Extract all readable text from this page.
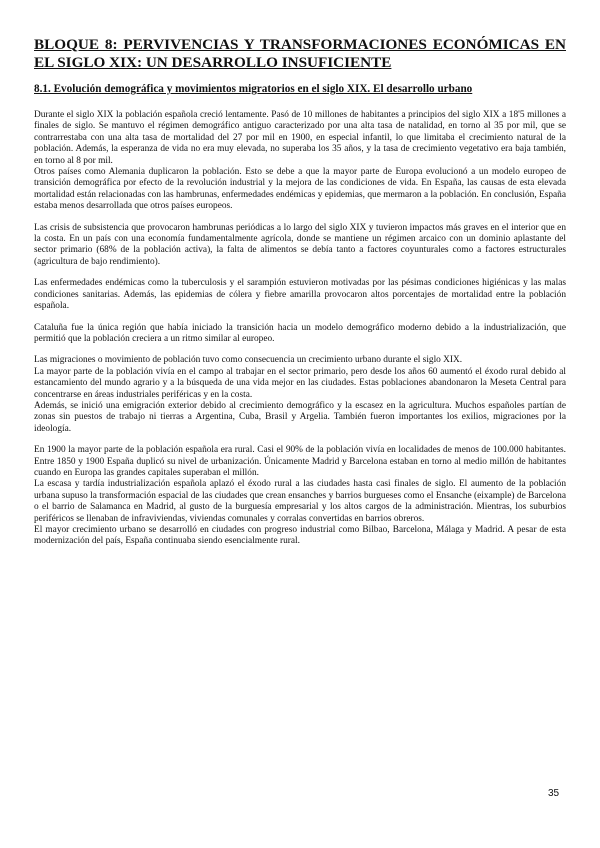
BLOQUE 8: PERVIVENCIAS Y TRANSFORMACIONES ECONÓMICAS EN EL SIGLO XIX: UN DESARROLLO INSUFICIENTE
8.1. Evolución demográfica y movimientos migratorios en el siglo XIX. El desarrollo urbano

Durante el siglo XIX la población española creció lentamente. Pasó de 10 millones de habitantes a principios del siglo XIX a 18'5 millones a finales de siglo. Se mantuvo el régimen demográfico antiguo caracterizado por una alta tasa de natalidad, en torno al 35 por mil, que se contrarrestaba con una alta tasa de mortalidad del 27 por mil en 1900, en especial infantil, lo que limitaba el crecimiento natural de la población. Además, la esperanza de vida no era muy elevada, no superaba los 35 años, y la tasa de crecimiento vegetativo era baja también, en torno al 8 por mil.

Otros países como Alemania duplicaron la población. Esto se debe a que la mayor parte de Europa evolucionó a un modelo europeo de transición demográfica por efecto de la revolución industrial y la mejora de las condiciones de vida. En España, las causas de esta elevada mortalidad están relacionadas con las hambrunas, enfermedades endémicas y epidemias, que mermaron a la población. En conclusión, España estaba menos desarrollada que otros países europeos.

Las crisis de subsistencia que provocaron hambrunas periódicas a lo largo del siglo XIX y tuvieron impactos más graves en el interior que en la costa. En un país con una economía fundamentalmente agrícola, donde se mantiene un régimen arcaico con un dominio aplastante del sector primario (68% de la población activa), la falta de alimentos se debía tanto a factores coyunturales como a factores estructurales (agricultura de bajo rendimiento).

Las enfermedades endémicas como la tuberculosis y el sarampión estuvieron motivadas por las pésimas condiciones higiénicas y las malas condiciones sanitarias. Además, las epidemias de cólera y fiebre amarilla provocaron altos porcentajes de mortalidad entre la población española.

Cataluña fue la única región que había iniciado la transición hacia un modelo demográfico moderno debido a la industrialización, que permitió que la población creciera a un ritmo similar al europeo.

Las migraciones o movimiento de población tuvo como consecuencia un crecimiento urbano durante el siglo XIX.

La mayor parte de la población vivía en el campo al trabajar en el sector primario, pero desde los años 60 aumentó el éxodo rural debido al estancamiento del mundo agrario y a la búsqueda de una vida mejor en las ciudades. Estas poblaciones abandonaron la Meseta Central para concentrarse en áreas industriales periféricas y en la costa.

Además, se inició una emigración exterior debido al crecimiento demográfico y la escasez en la agricultura. Muchos españoles partían de zonas sin puestos de trabajo ni tierras a Argentina, Cuba, Brasil y Argelia. También fueron importantes los exilios, migraciones por la ideología.

En 1900 la mayor parte de la población española era rural. Casi el 90% de la población vivía en localidades de menos de 100.000 habitantes. Entre 1850 y 1900 España duplicó su nivel de urbanización. Únicamente Madrid y Barcelona estaban en torno al medio millón de habitantes cuando en Europa las grandes capitales superaban el millón.

La escasa y tardía industrialización española aplazó el éxodo rural a las ciudades hasta casi finales de siglo. El aumento de la población urbana supuso la transformación espacial de las ciudades que crean ensanches y barrios burgueses como el Ensanche (eixample) de Barcelona o el barrio de Salamanca en Madrid, al gusto de la burguesía empresarial y los altos cargos de la administración. Mientras, los suburbios periféricos se llenaban de infraviviendas, viviendas comunales y corralas convertidas en barrios obreros.

El mayor crecimiento urbano se desarrolló en ciudades con progreso industrial como Bilbao, Barcelona, Málaga y Madrid. A pesar de esta modernización del país, España continuaba siendo esencialmente rural.

35
